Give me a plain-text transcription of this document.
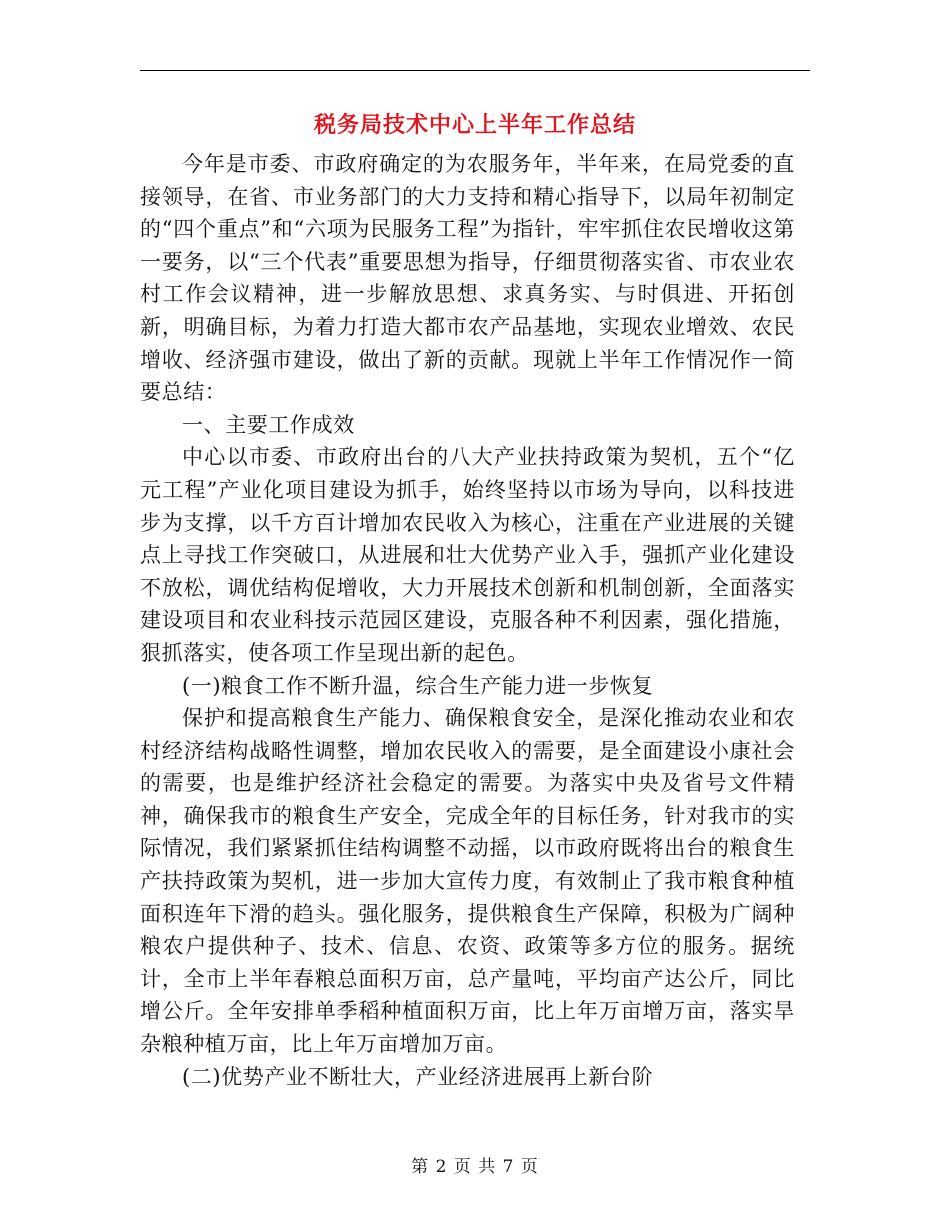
税务局技术中心上半年工作总结

今年是市委、市政府确定的为农服务年，半年来，在局党委的直接领导，在省、市业务部门的大力支持和精心指导下，以局年初制定的“四个重点”和“六项为民服务工程”为指针，牢牢抓住农民增收这第一要务，以“三个代表”重要思想为指导，仔细贯彻落实省、市农业农村工作会议精神，进一步解放思想、求真务实、与时俱进、开拓创新，明确目标，为着力打造大都市农产品基地，实现农业增效、农民增收、经济强市建设，做出了新的贡献。现就上半年工作情况作一简要总结：

一、主要工作成效

中心以市委、市政府出台的八大产业扶持政策为契机，五个“亿元工程”产业化项目建设为抓手，始终坚持以市场为导向，以科技进步为支撑，以千方百计增加农民收入为核心，注重在产业进展的关键点上寻找工作突破口，从进展和壮大优势产业入手，强抓产业化建设不放松，调优结构促增收，大力开展技术创新和机制创新，全面落实建设项目和农业科技示范园区建设，克服各种不利因素，强化措施，狠抓落实，使各项工作呈现出新的起色。

(一)粮食工作不断升温，综合生产能力进一步恢复

保护和提高粮食生产能力、确保粮食安全，是深化推动农业和农村经济结构战略性调整，增加农民收入的需要，是全面建设小康社会的需要，也是维护经济社会稳定的需要。为落实中央及省号文件精神，确保我市的粮食生产安全，完成全年的目标任务，针对我市的实际情况，我们紧紧抓住结构调整不动摇，以市政府既将出台的粮食生产扶持政策为契机，进一步加大宣传力度，有效制止了我市粮食种植面积连年下滑的趋头。强化服务，提供粮食生产保障，积极为广阔种粮农户提供种子、技术、信息、农资、政策等多方位的服务。据统计，全市上半年春粮总面积万亩，总产量吨，平均亩产达公斤，同比增公斤。全年安排单季稻种植面积万亩，比上年万亩增万亩，落实旱杂粮种植万亩，比上年万亩增加万亩。

(二)优势产业不断壮大，产业经济进展再上新台阶

第 2 页 共 7 页
